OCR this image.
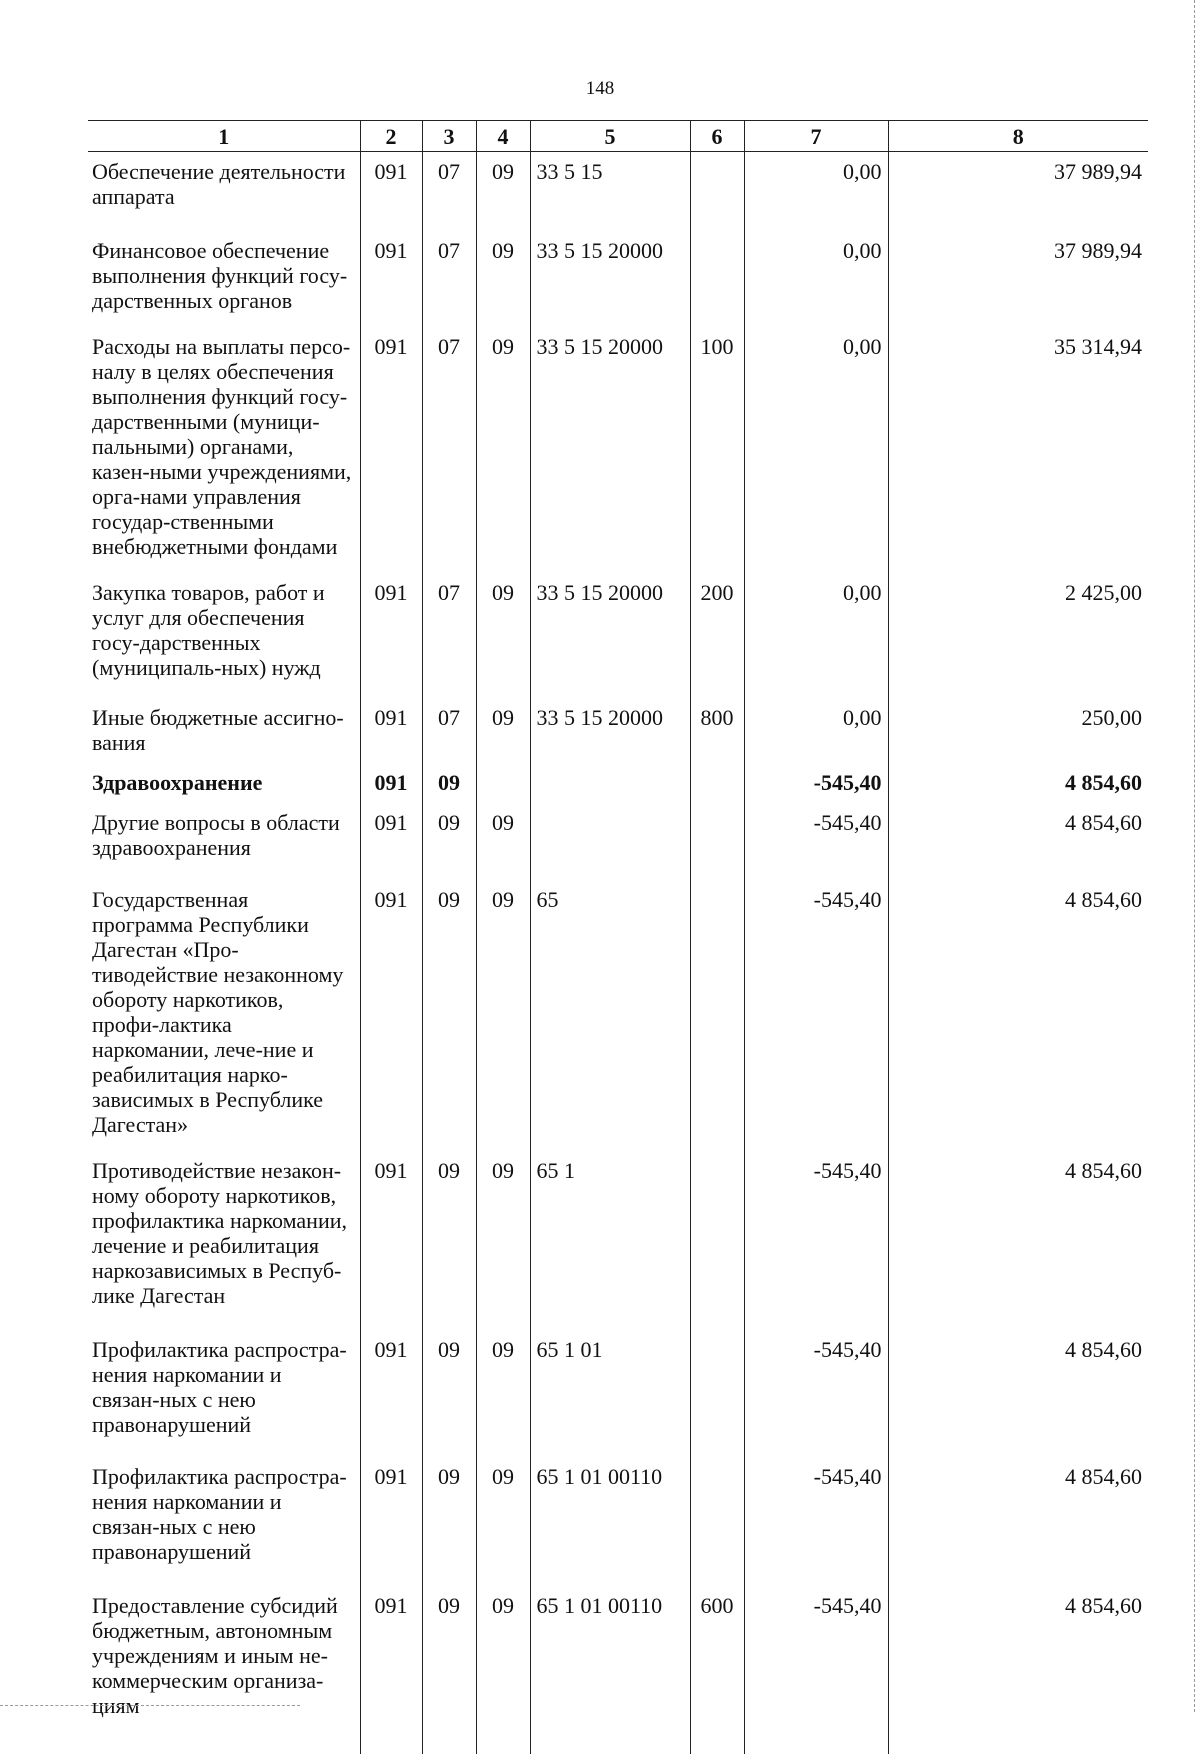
148
1	2	3	4	5	6	7	8
Обеспечение деятельности аппарата	091	07	09	33 5 15		0,00	37 989,94
Финансовое обеспечение выполнения функций госу-дарственных органов	091	07	09	33 5 15 20000		0,00	37 989,94
Расходы на выплаты персо-налу в целях обеспечения выполнения функций госу-дарственными (муници-пальными) органами, казен-ными учреждениями, орга-нами управления государ-ственными внебюджетными фондами	091	07	09	33 5 15 20000	100	0,00	35 314,94
Закупка товаров, работ и услуг для обеспечения госу-дарственных (муниципаль-ных) нужд	091	07	09	33 5 15 20000	200	0,00	2 425,00
Иные бюджетные ассигно-вания	091	07	09	33 5 15 20000	800	0,00	250,00
Здравоохранение	091	09				-545,40	4 854,60
Другие вопросы в области здравоохранения	091	09	09			-545,40	4 854,60
Государственная программа Республики Дагестан «Про-тиводействие незаконному обороту наркотиков, профи-лактика наркомании, лече-ние и реабилитация нарко-зависимых в Республике Дагестан»	091	09	09	65		-545,40	4 854,60
Противодействие незакон-ному обороту наркотиков, профилактика наркомании, лечение и реабилитация наркозависимых в Респуб-лике Дагестан	091	09	09	65 1		-545,40	4 854,60
Профилактика распростра-нения наркомании и связан-ных с нею правонарушений	091	09	09	65 1 01		-545,40	4 854,60
Профилактика распростра-нения наркомании и связан-ных с нею правонарушений	091	09	09	65 1 01 00110		-545,40	4 854,60
Предоставление субсидий бюджетным, автономным учреждениям и иным не-коммерческим организа-циям	091	09	09	65 1 01 00110	600	-545,40	4 854,60
